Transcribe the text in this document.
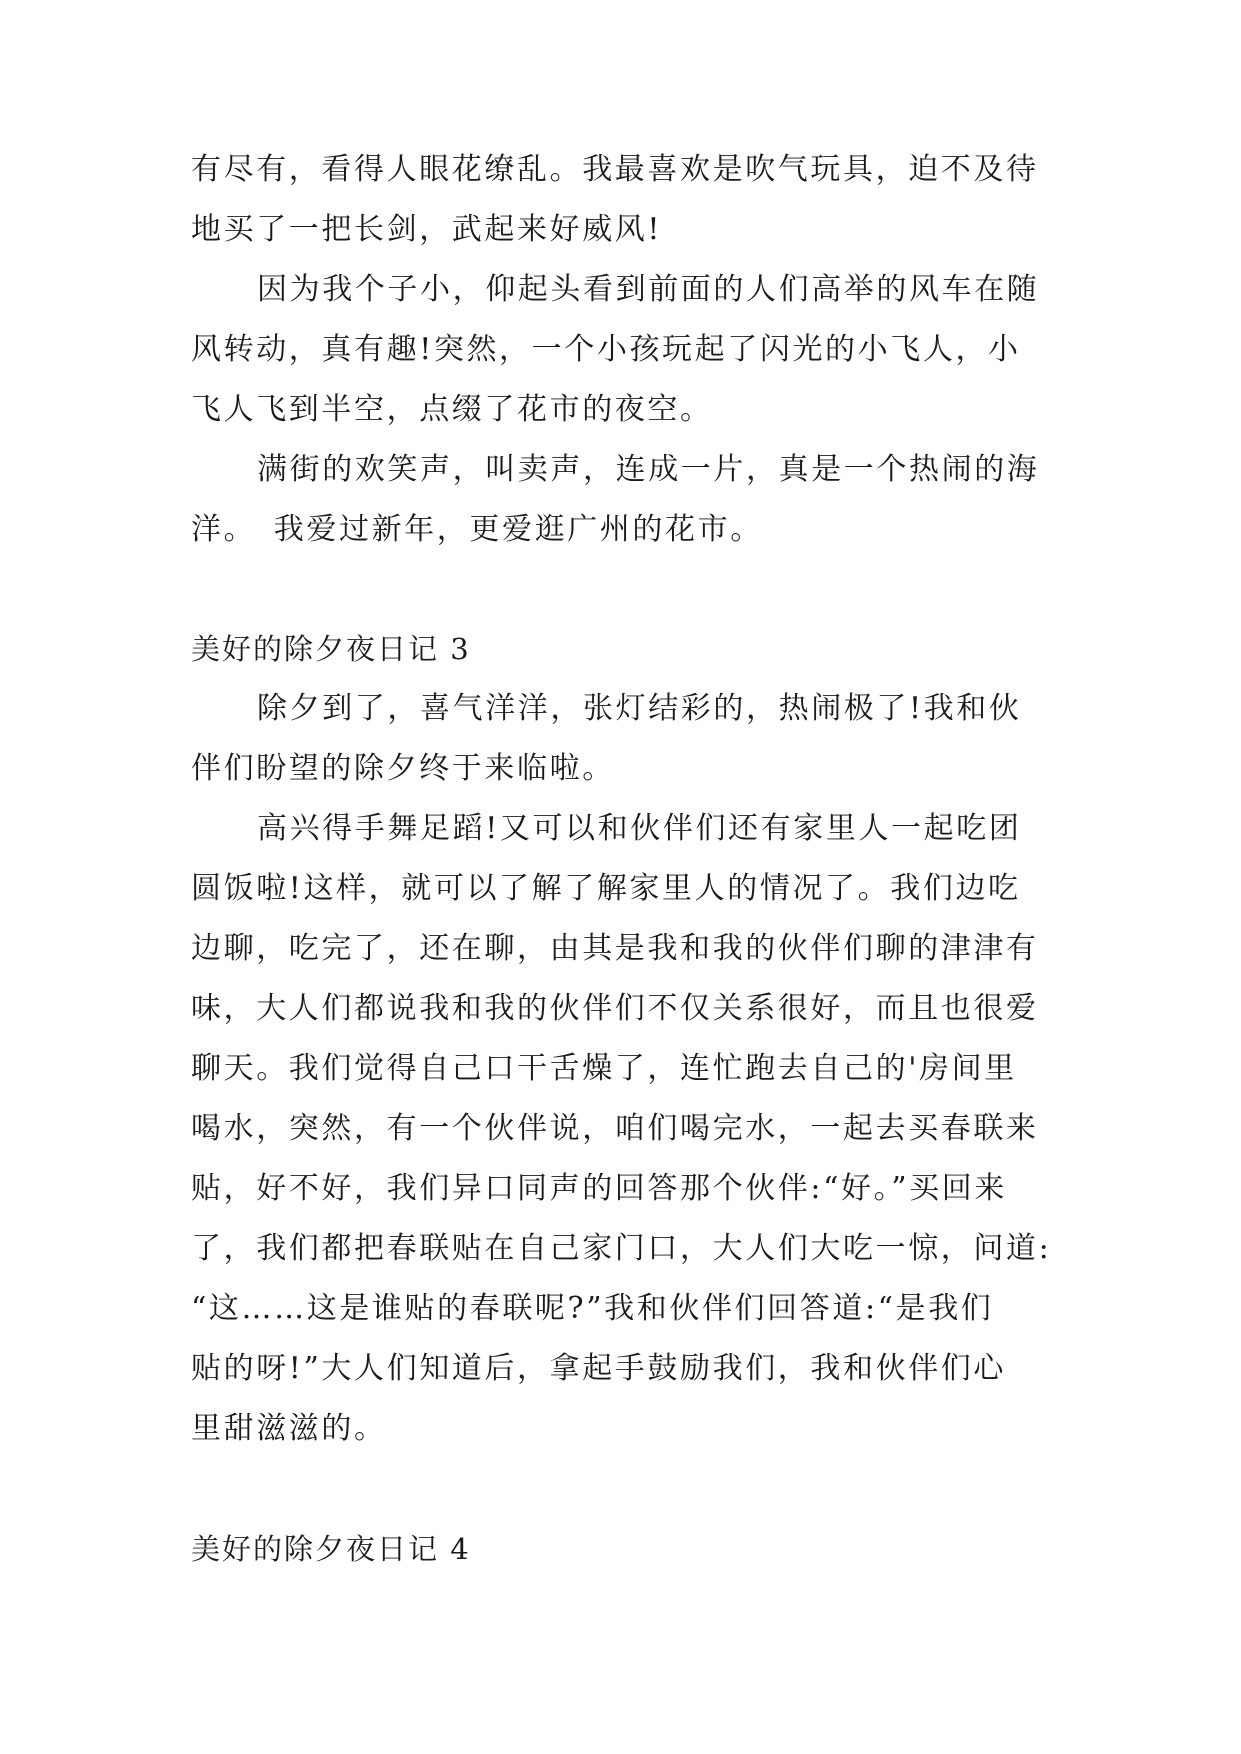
有尽有，看得人眼花缭乱。我最喜欢是吹气玩具，迫不及待

地买了一把长剑，武起来好威风!

因为我个子小，仰起头看到前面的人们高举的风车在随

风转动，真有趣!突然，一个小孩玩起了闪光的小飞人，小

飞人飞到半空，点缀了花市的夜空。

满街的欢笑声，叫卖声，连成一片，真是一个热闹的海

洋。　我爱过新年，更爱逛广州的花市。

美好的除夕夜日记 3

除夕到了，喜气洋洋，张灯结彩的，热闹极了!我和伙

伴们盼望的除夕终于来临啦。

高兴得手舞足蹈!又可以和伙伴们还有家里人一起吃团

圆饭啦!这样，就可以了解了解家里人的情况了。我们边吃

边聊，吃完了，还在聊，由其是我和我的伙伴们聊的津津有

味，大人们都说我和我的伙伴们不仅关系很好，而且也很爱

聊天。我们觉得自己口干舌燥了，连忙跑去自己的'房间里

喝水，突然，有一个伙伴说，咱们喝完水，一起去买春联来

贴，好不好，我们异口同声的回答那个伙伴:“好。”买回来

了，我们都把春联贴在自己家门口，大人们大吃一惊，问道:

“这……这是谁贴的春联呢?”我和伙伴们回答道:“是我们

贴的呀!”大人们知道后，拿起手鼓励我们，我和伙伴们心

里甜滋滋的。

美好的除夕夜日记 4
